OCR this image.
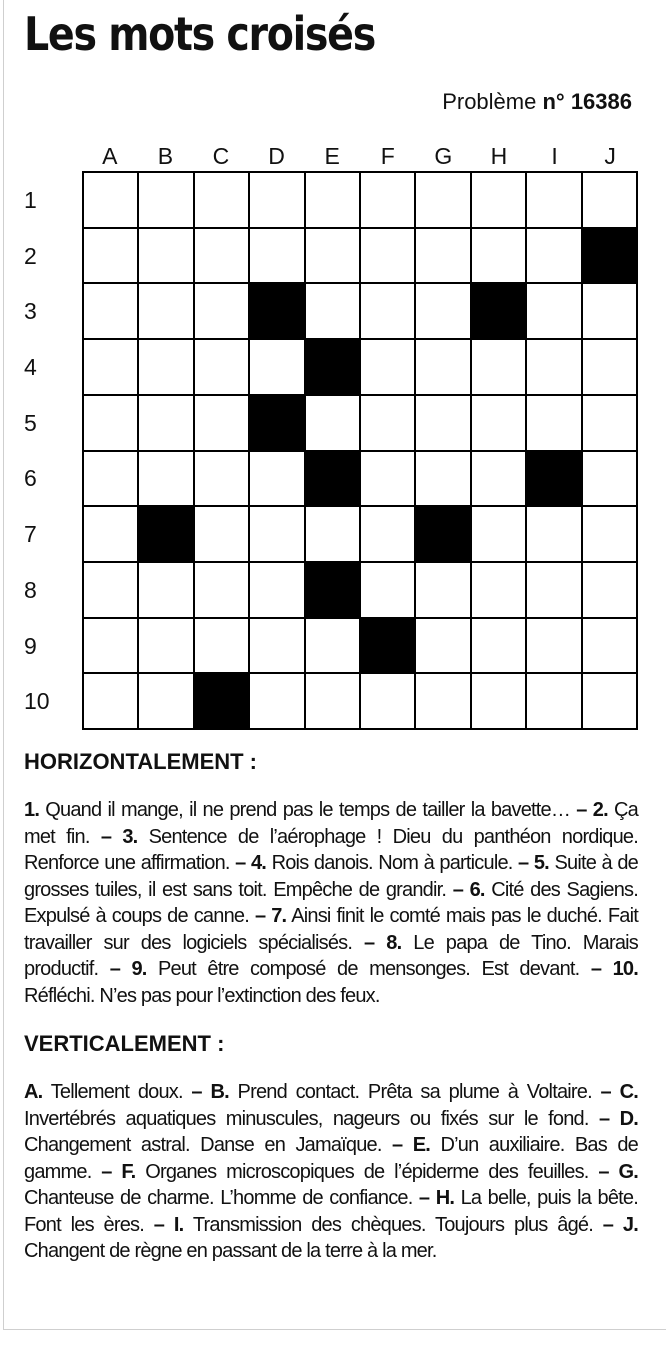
Les mots croisés
Problème n° 16386
A	B	C	D	E	F	G	H	I	J
1
2
3
4
5
6
7
8
9
10
HORIZONTALEMENT :

1. Quand il mange, il ne prend pas le temps de tailler la bavette… – 2. Ça met fin. – 3. Sentence de l’aérophage ! Dieu du panthéon nordique. Renforce une affirmation. – 4. Rois danois. Nom à particule. – 5. Suite à de grosses tuiles, il est sans toit. Empêche de grandir. – 6. Cité des Sagiens. Expulsé à coups de canne. – 7. Ainsi finit le comté mais pas le duché. Fait travailler sur des logiciels spécialisés. – 8. Le papa de Tino. Marais productif. – 9. Peut être composé de mensonges. Est devant. – 10. Réfléchi. N’es pas pour l’extinction des feux.

VERTICALEMENT :

A. Tellement doux. – B. Prend contact. Prêta sa plume à Voltaire. – C. Invertébrés aquatiques minuscules, nageurs ou fixés sur le fond. – D. Changement astral. Danse en Jamaïque. – E. D’un auxiliaire. Bas de gamme. – F. Organes microscopiques de l’épiderme des feuilles. – G. Chanteuse de charme. L’homme de confiance. – H. La belle, puis la bête. Font les ères. – I. Transmission des chèques. Toujours plus âgé. – J. Changent de règne en passant de la terre à la mer.
